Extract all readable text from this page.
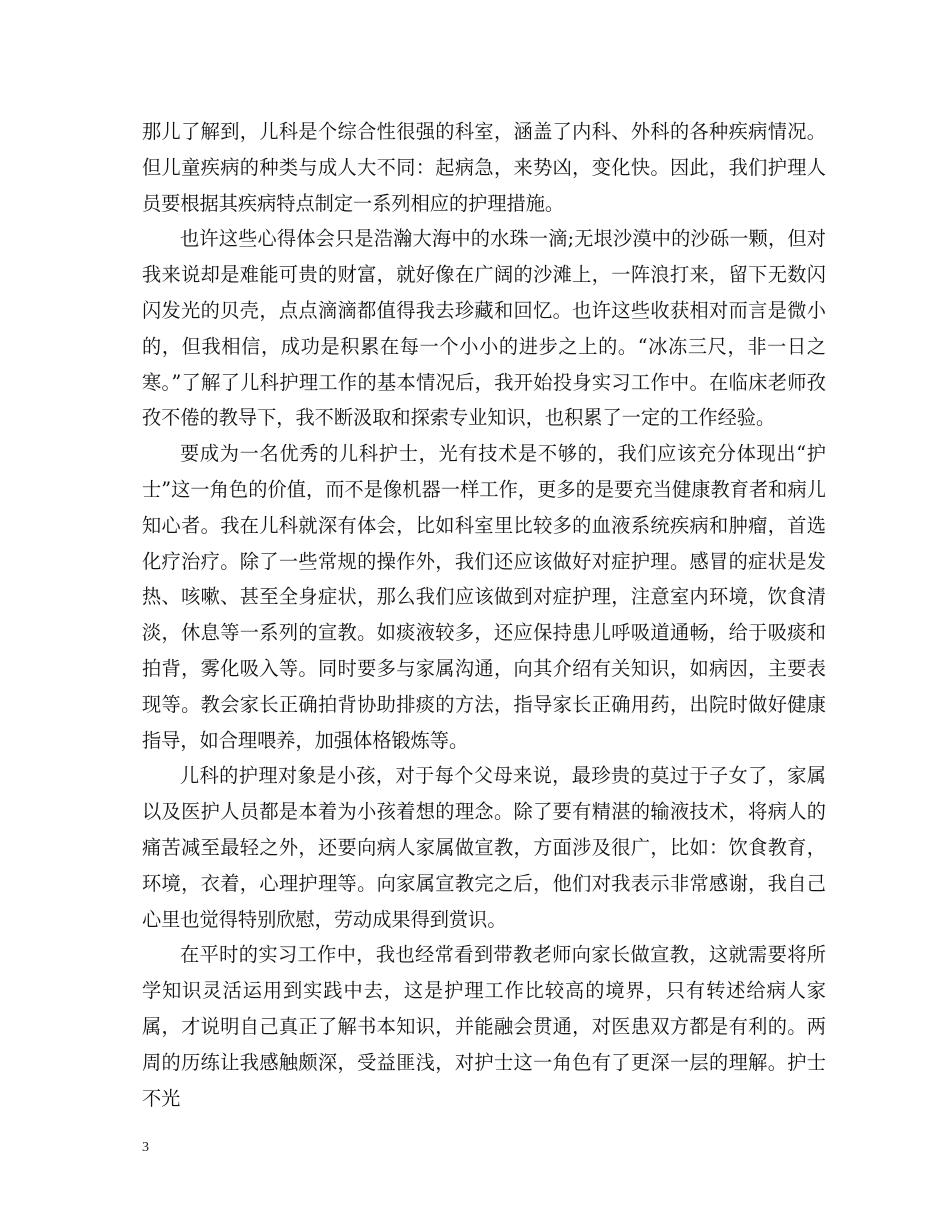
那儿了解到，儿科是个综合性很强的科室，涵盖了内科、外科的各种疾病情况。但儿童疾病的种类与成人大不同：起病急，来势凶，变化快。因此，我们护理人员要根据其疾病特点制定一系列相应的护理措施。

也许这些心得体会只是浩瀚大海中的水珠一滴;无垠沙漠中的沙砾一颗，但对我来说却是难能可贵的财富，就好像在广阔的沙滩上，一阵浪打来，留下无数闪闪发光的贝壳，点点滴滴都值得我去珍藏和回忆。也许这些收获相对而言是微小的，但我相信，成功是积累在每一个小小的进步之上的。“冰冻三尺，非一日之寒。”了解了儿科护理工作的基本情况后，我开始投身实习工作中。在临床老师孜孜不倦的教导下，我不断汲取和探索专业知识，也积累了一定的工作经验。

要成为一名优秀的儿科护士，光有技术是不够的，我们应该充分体现出“护士”这一角色的价值，而不是像机器一样工作，更多的是要充当健康教育者和病儿知心者。我在儿科就深有体会，比如科室里比较多的血液系统疾病和肿瘤，首选化疗治疗。除了一些常规的操作外，我们还应该做好对症护理。感冒的症状是发热、咳嗽、甚至全身症状，那么我们应该做到对症护理，注意室内环境，饮食清淡，休息等一系列的宣教。如痰液较多，还应保持患儿呼吸道通畅，给于吸痰和拍背，雾化吸入等。同时要多与家属沟通，向其介绍有关知识，如病因，主要表现等。教会家长正确拍背协助排痰的方法，指导家长正确用药，出院时做好健康指导，如合理喂养，加强体格锻炼等。

儿科的护理对象是小孩，对于每个父母来说，最珍贵的莫过于子女了，家属以及医护人员都是本着为小孩着想的理念。除了要有精湛的输液技术，将病人的痛苦减至最轻之外，还要向病人家属做宣教，方面涉及很广，比如：饮食教育，环境，衣着，心理护理等。向家属宣教完之后，他们对我表示非常感谢，我自己心里也觉得特别欣慰，劳动成果得到赏识。

在平时的实习工作中，我也经常看到带教老师向家长做宣教，这就需要将所学知识灵活运用到实践中去，这是护理工作比较高的境界，只有转述给病人家属，才说明自己真正了解书本知识，并能融会贯通，对医患双方都是有利的。两周的历练让我感触颇深，受益匪浅，对护士这一角色有了更深一层的理解。护士不光

3
